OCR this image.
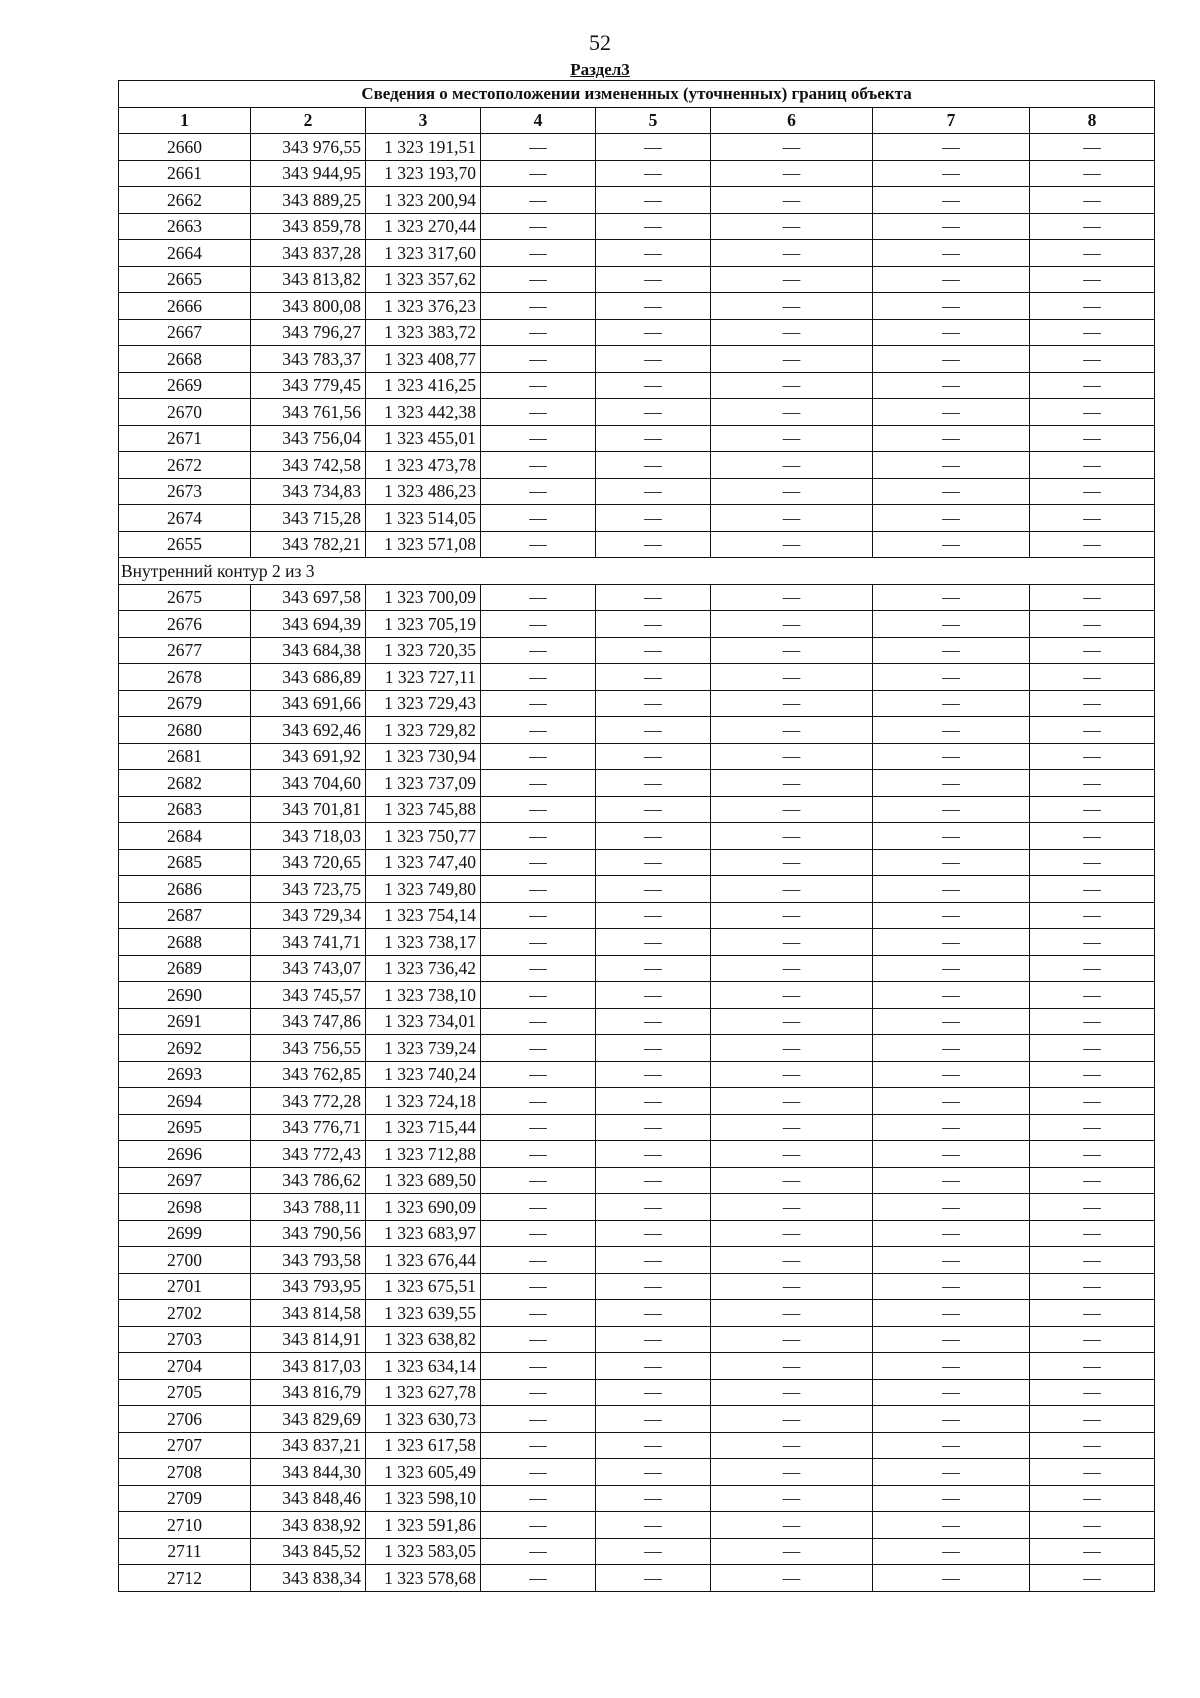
52
Раздел3
Сведения о местоположении измененных (уточненных) границ объекта							
1	2	3	4	5	6	7	8
2660	343 976,55	1 323 191,51	—	—	—	—	—
2661	343 944,95	1 323 193,70	—	—	—	—	—
2662	343 889,25	1 323 200,94	—	—	—	—	—
2663	343 859,78	1 323 270,44	—	—	—	—	—
2664	343 837,28	1 323 317,60	—	—	—	—	—
2665	343 813,82	1 323 357,62	—	—	—	—	—
2666	343 800,08	1 323 376,23	—	—	—	—	—
2667	343 796,27	1 323 383,72	—	—	—	—	—
2668	343 783,37	1 323 408,77	—	—	—	—	—
2669	343 779,45	1 323 416,25	—	—	—	—	—
2670	343 761,56	1 323 442,38	—	—	—	—	—
2671	343 756,04	1 323 455,01	—	—	—	—	—
2672	343 742,58	1 323 473,78	—	—	—	—	—
2673	343 734,83	1 323 486,23	—	—	—	—	—
2674	343 715,28	1 323 514,05	—	—	—	—	—
2655	343 782,21	1 323 571,08	—	—	—	—	—
Внутренний контур 2 из 3							
2675	343 697,58	1 323 700,09	—	—	—	—	—
2676	343 694,39	1 323 705,19	—	—	—	—	—
2677	343 684,38	1 323 720,35	—	—	—	—	—
2678	343 686,89	1 323 727,11	—	—	—	—	—
2679	343 691,66	1 323 729,43	—	—	—	—	—
2680	343 692,46	1 323 729,82	—	—	—	—	—
2681	343 691,92	1 323 730,94	—	—	—	—	—
2682	343 704,60	1 323 737,09	—	—	—	—	—
2683	343 701,81	1 323 745,88	—	—	—	—	—
2684	343 718,03	1 323 750,77	—	—	—	—	—
2685	343 720,65	1 323 747,40	—	—	—	—	—
2686	343 723,75	1 323 749,80	—	—	—	—	—
2687	343 729,34	1 323 754,14	—	—	—	—	—
2688	343 741,71	1 323 738,17	—	—	—	—	—
2689	343 743,07	1 323 736,42	—	—	—	—	—
2690	343 745,57	1 323 738,10	—	—	—	—	—
2691	343 747,86	1 323 734,01	—	—	—	—	—
2692	343 756,55	1 323 739,24	—	—	—	—	—
2693	343 762,85	1 323 740,24	—	—	—	—	—
2694	343 772,28	1 323 724,18	—	—	—	—	—
2695	343 776,71	1 323 715,44	—	—	—	—	—
2696	343 772,43	1 323 712,88	—	—	—	—	—
2697	343 786,62	1 323 689,50	—	—	—	—	—
2698	343 788,11	1 323 690,09	—	—	—	—	—
2699	343 790,56	1 323 683,97	—	—	—	—	—
2700	343 793,58	1 323 676,44	—	—	—	—	—
2701	343 793,95	1 323 675,51	—	—	—	—	—
2702	343 814,58	1 323 639,55	—	—	—	—	—
2703	343 814,91	1 323 638,82	—	—	—	—	—
2704	343 817,03	1 323 634,14	—	—	—	—	—
2705	343 816,79	1 323 627,78	—	—	—	—	—
2706	343 829,69	1 323 630,73	—	—	—	—	—
2707	343 837,21	1 323 617,58	—	—	—	—	—
2708	343 844,30	1 323 605,49	—	—	—	—	—
2709	343 848,46	1 323 598,10	—	—	—	—	—
2710	343 838,92	1 323 591,86	—	—	—	—	—
2711	343 845,52	1 323 583,05	—	—	—	—	—
2712	343 838,34	1 323 578,68	—	—	—	—	—
